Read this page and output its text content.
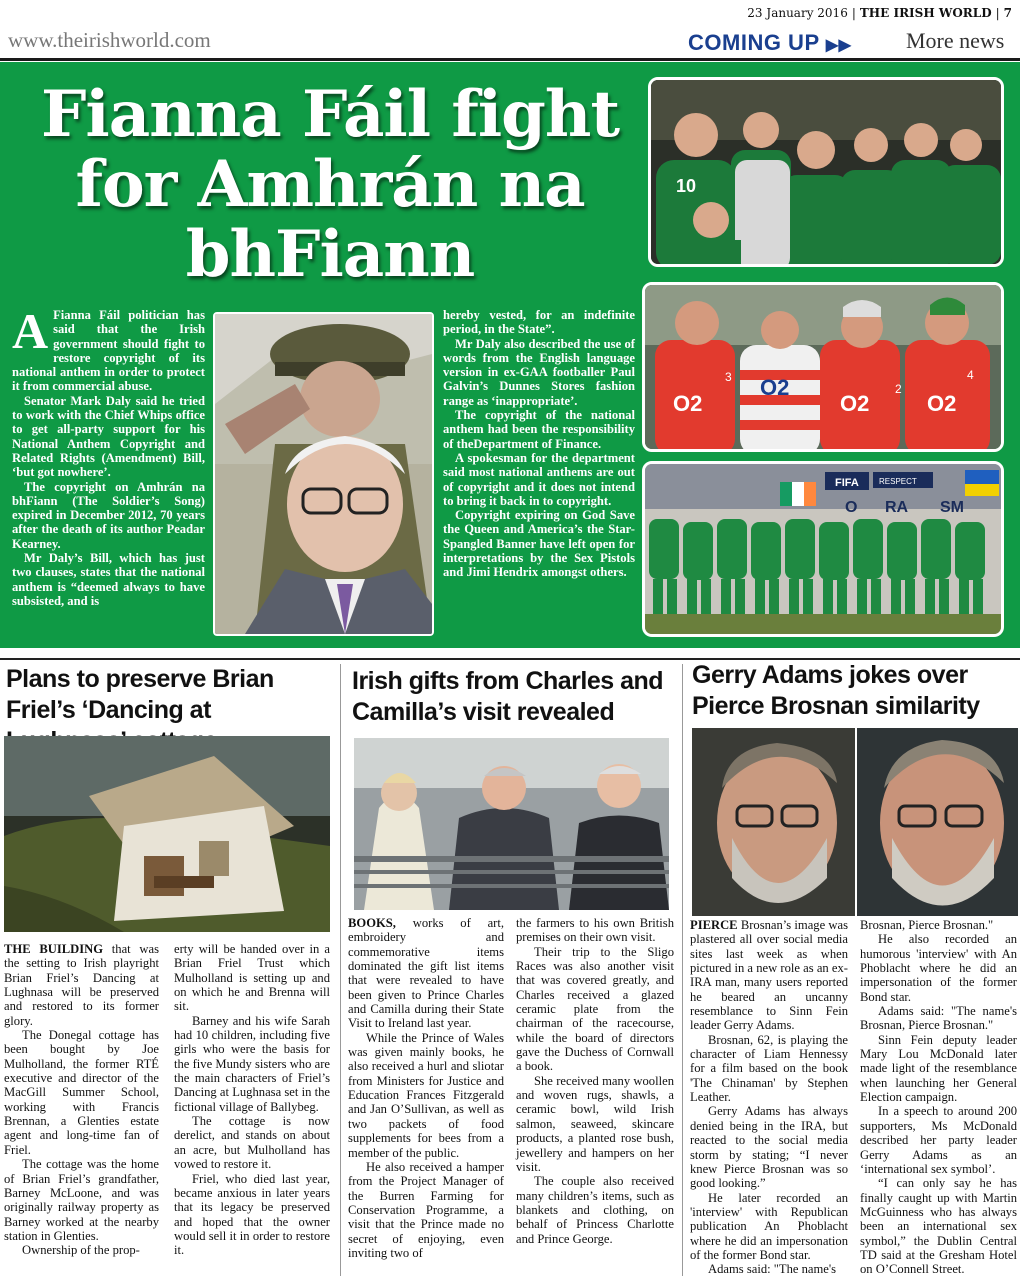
23 January 2016 | THE IRISH WORLD | 7
www.theirishworld.com	COMING UP ▶▶ More news
Fianna Fáil fight
for Amhrán na
bhFiann

A Fianna Fáil politician has said that the Irish government should fight to restore copyright of its national anthem in order to protect it from commercial abuse.

Senator Mark Daly said he tried to work with the Chief Whips office to get all-party support for his National Anthem Copyright and Related Rights (Amendment) Bill, ‘but got nowhere’.

The copyright on Amhrán na bhFiann (The Soldier’s Song) expired in December 2012, 70 years after the death of its author Peadar Kearney.

Mr Daly’s Bill, which has just two clauses, states that the national anthem is “deemed always to have subsisted, and is

hereby vested, for an indefinite period, in the State”.

Mr Daly also described the use of words from the English language version in ex-GAA footballer Paul Galvin’s Dunnes Stores fashion range as ‘inappropriate’.

The copyright of the national anthem had been the responsibility of theDepartment of Finance.

A spokesman for the department said most national anthems are out of copyright and it does not intend to bring it back in to copyright.

Copyright expiring on God Save the Queen and America’s the Star-Spangled Banner have left open for interpretations by the Sex Pistols and Jimi Hendrix amongst others.

10
3
2
4
O2
O2
O2	O2
FIFA	RESPECT
O RA SM
Plans to preserve Brian Friel’s ‘Dancing at

THE BUILDING that was the setting to Irish playright Brian Friel’s Dancing at Lughnasa will be preserved and restored to its former glory.

The Donegal cottage has been bought by Joe Mulholland, the former RTÉ executive and director of the MacGill Summer School, working with Francis Brennan, a Glenties estate agent and long-time fan of Friel.

The cottage was the home of Brian Friel’s grandfather, Barney McLoone, and was originally railway property as Barney worked at the nearby station in Glenties.

Ownership of the prop-

erty will be handed over in a Brian Friel Trust which Mulholland is setting up and on which he and Brenna will sit.

Barney and his wife Sarah had 10 children, including five girls who were the basis for the five Mundy sisters who are the main characters of Friel’s Dancing at Lughnasa set in the fictional village of Ballybeg.

The cottage is now derelict, and stands on about an acre, but Mulholland has vowed to restore it.

Friel, who died last year, became anxious in later years that its legacy be preserved and hoped that the owner would sell it in order to restore it.

Irish gifts from Charles and Camilla’s visit revealed

BOOKS, works of art, embroidery and commemorative items dominated the gift list items that were revealed to have been given to Prince Charles and Camilla during their State Visit to Ireland last year.

While the Prince of Wales was given mainly books, he also received a hurl and sliotar from Ministers for Justice and Education Frances Fitzgerald and Jan O’Sullivan, as well as two packets of food supplements for bees from a member of the public.

He also received a hamper from the Project Manager of the Burren Farming for Conservation Programme, a visit that the Prince made no secret of enjoying, even inviting two of

the farmers to his own British premises on their own visit.

Their trip to the Sligo Races was also another visit that was covered greatly, and Charles received a glazed ceramic plate from the chairman of the racecourse, while the board of directors gave the Duchess of Cornwall a book.

She received many woollen and woven rugs, shawls, a ceramic bowl, wild Irish salmon, seaweed, skincare products, a planted rose bush, jewellery and hampers on her visit.

The couple also received many children’s items, such as blankets and clothing, on behalf of Princess Charlotte and Prince George.

Gerry Adams jokes over Pierce Brosnan similarity

PIERCE Brosnan’s image was plastered all over social media sites last week as when pictured in a new role as an ex-IRA man, many users reported he beared an uncanny resemblance to Sinn Fein leader Gerry Adams.

Brosnan, 62, is playing the character of Liam Hennessy for a film based on the book 'The Chinaman' by Stephen Leather.

Gerry Adams has always denied being in the IRA, but reacted to the social media storm by stating; “I never knew Pierce Brosnan was so good looking.”

He later recorded an 'interview' with Republican publication An Phoblacht where he did an impersonation of the former Bond star.

Adams said: "The name's

Brosnan, Pierce Brosnan."

He also recorded an humorous 'interview' with An Phoblacht where he did an impersonation of the former Bond star.

Adams said: "The name's Brosnan, Pierce Brosnan."

Sinn Fein deputy leader Mary Lou McDonald later made light of the resemblance when launching her General Election campaign.

In a speech to around 200 supporters, Ms McDonald described her party leader Gerry Adams as an ‘international sex symbol’.

“I can only say he has finally caught up with Martin McGuinness who has always been an international sex symbol,” the Dublin Central TD said at the Gresham Hotel on O’Connell Street.
